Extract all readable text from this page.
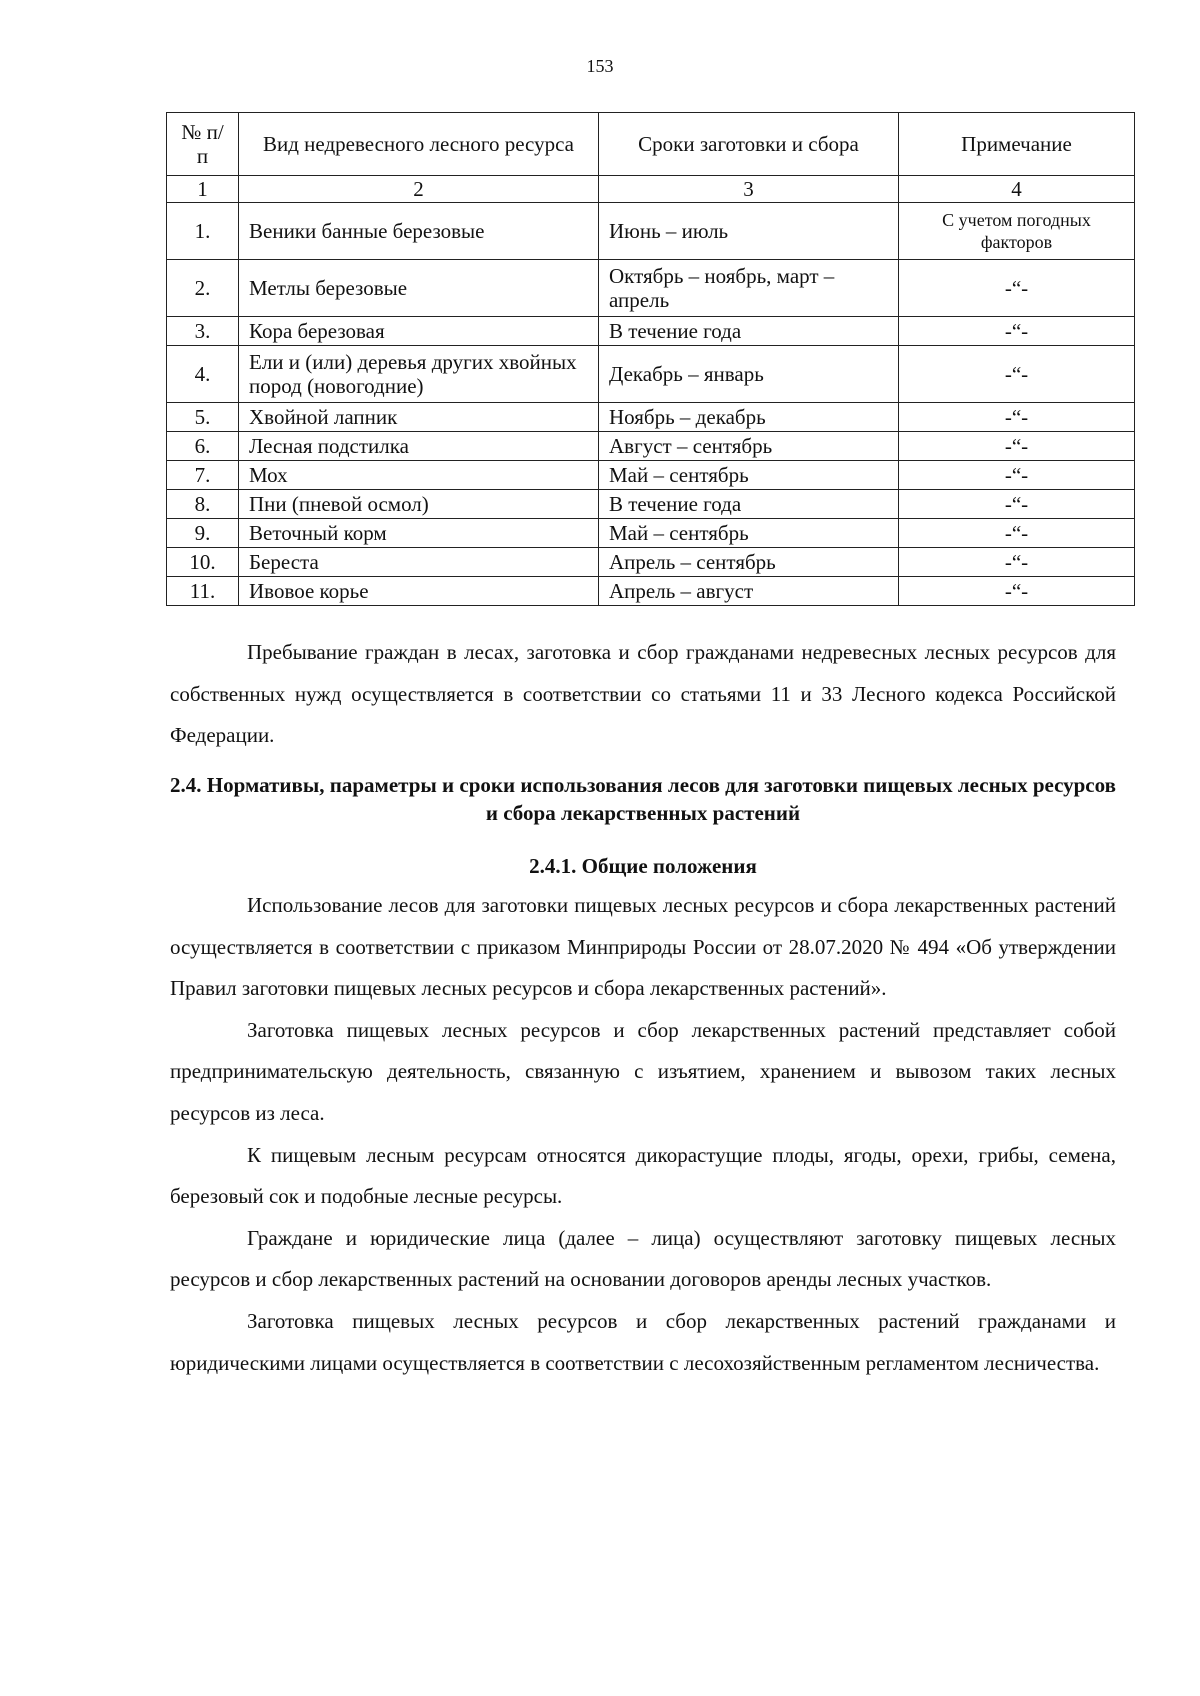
153
№ п/п	Вид недревесного лесного ресурса	Сроки заготовки и сбора	Примечание
1	2	3	4
1.	Веники банные березовые	Июнь – июль	С учетом погодных факторов
2.	Метлы березовые	Октябрь – ноябрь, март – апрель	-“-
3.	Кора березовая	В течение года	-“-
4.	Ели и (или) деревья других хвойных пород (новогодние)	Декабрь – январь	-“-
5.	Хвойной лапник	Ноябрь – декабрь	-“-
6.	Лесная подстилка	Август – сентябрь	-“-
7.	Мох	Май – сентябрь	-“-
8.	Пни (пневой осмол)	В течение года	-“-
9.	Веточный корм	Май – сентябрь	-“-
10.	Береста	Апрель – сентябрь	-“-
11.	Ивовое корье	Апрель – август	-“-

Пребывание граждан в лесах, заготовка и сбор гражданами недревесных лесных ресурсов для собственных нужд осуществляется в соответствии со статьями 11 и 33 Лесного кодекса Российской Федерации.

2.4. Нормативы, параметры и сроки использования лесов для заготовки пищевых лесных ресурсов и сбора лекарственных растений

2.4.1. Общие положения

Использование лесов для заготовки пищевых лесных ресурсов и сбора лекарственных растений осуществляется в соответствии с приказом Минприроды России от 28.07.2020 № 494 «Об утверждении Правил заготовки пищевых лесных ресурсов и сбора лекарственных растений».

Заготовка пищевых лесных ресурсов и сбор лекарственных растений представляет собой предпринимательскую деятельность, связанную с изъятием, хранением и вывозом таких лесных ресурсов из леса.

К пищевым лесным ресурсам относятся дикорастущие плоды, ягоды, орехи, грибы, семена, березовый сок и подобные лесные ресурсы.

Граждане и юридические лица (далее – лица) осуществляют заготовку пищевых лесных ресурсов и сбор лекарственных растений на основании договоров аренды лесных участков.

Заготовка пищевых лесных ресурсов и сбор лекарственных растений гражданами и юридическими лицами осуществляется в соответствии с лесохозяйственным регламентом лесничества.
